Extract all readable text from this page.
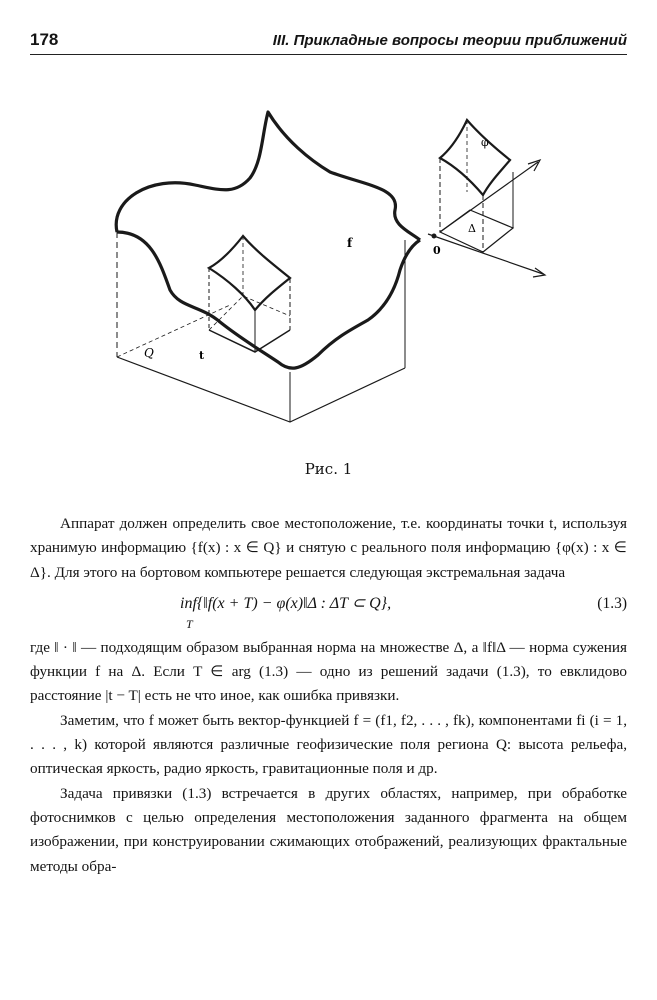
178	III. Прикладные вопросы теории приближений
f
Q	t
φ
Δ
0
Рис. 1

Аппарат должен определить свое местоположение, т.е. координаты точки t, используя хранимую информацию {f(x) : x ∈ Q} и снятую с реального поля информацию {φ(x) : x ∈ Δ}. Для этого на бортовом компьютере решается следующая экстремальная задача

inf{‖f(x + T) − φ(x)‖Δ : ΔT ⊂ Q},
T
(1.3)

где ‖ · ‖ — подходящим образом выбранная норма на множестве Δ, а ‖f‖Δ — норма сужения функции f на Δ. Если T ∈ arg (1.3) — одно из решений задачи (1.3), то евклидово расстояние |t − T| есть не что иное, как ошибка привязки.

Заметим, что f может быть вектор-функцией f = (f1, f2, . . . , fk), компонентами fi (i = 1, . . . , k) которой являются различные геофизические поля региона Q: высота рельефа, оптическая яркость, радио яркость, гравитационные поля и др.

Задача привязки (1.3) встречается в других областях, например, при обработке фотоснимков с целью определения местоположения заданного фрагмента на общем изображении, при конструировании сжимающих отображений, реализующих фрактальные методы обра-
